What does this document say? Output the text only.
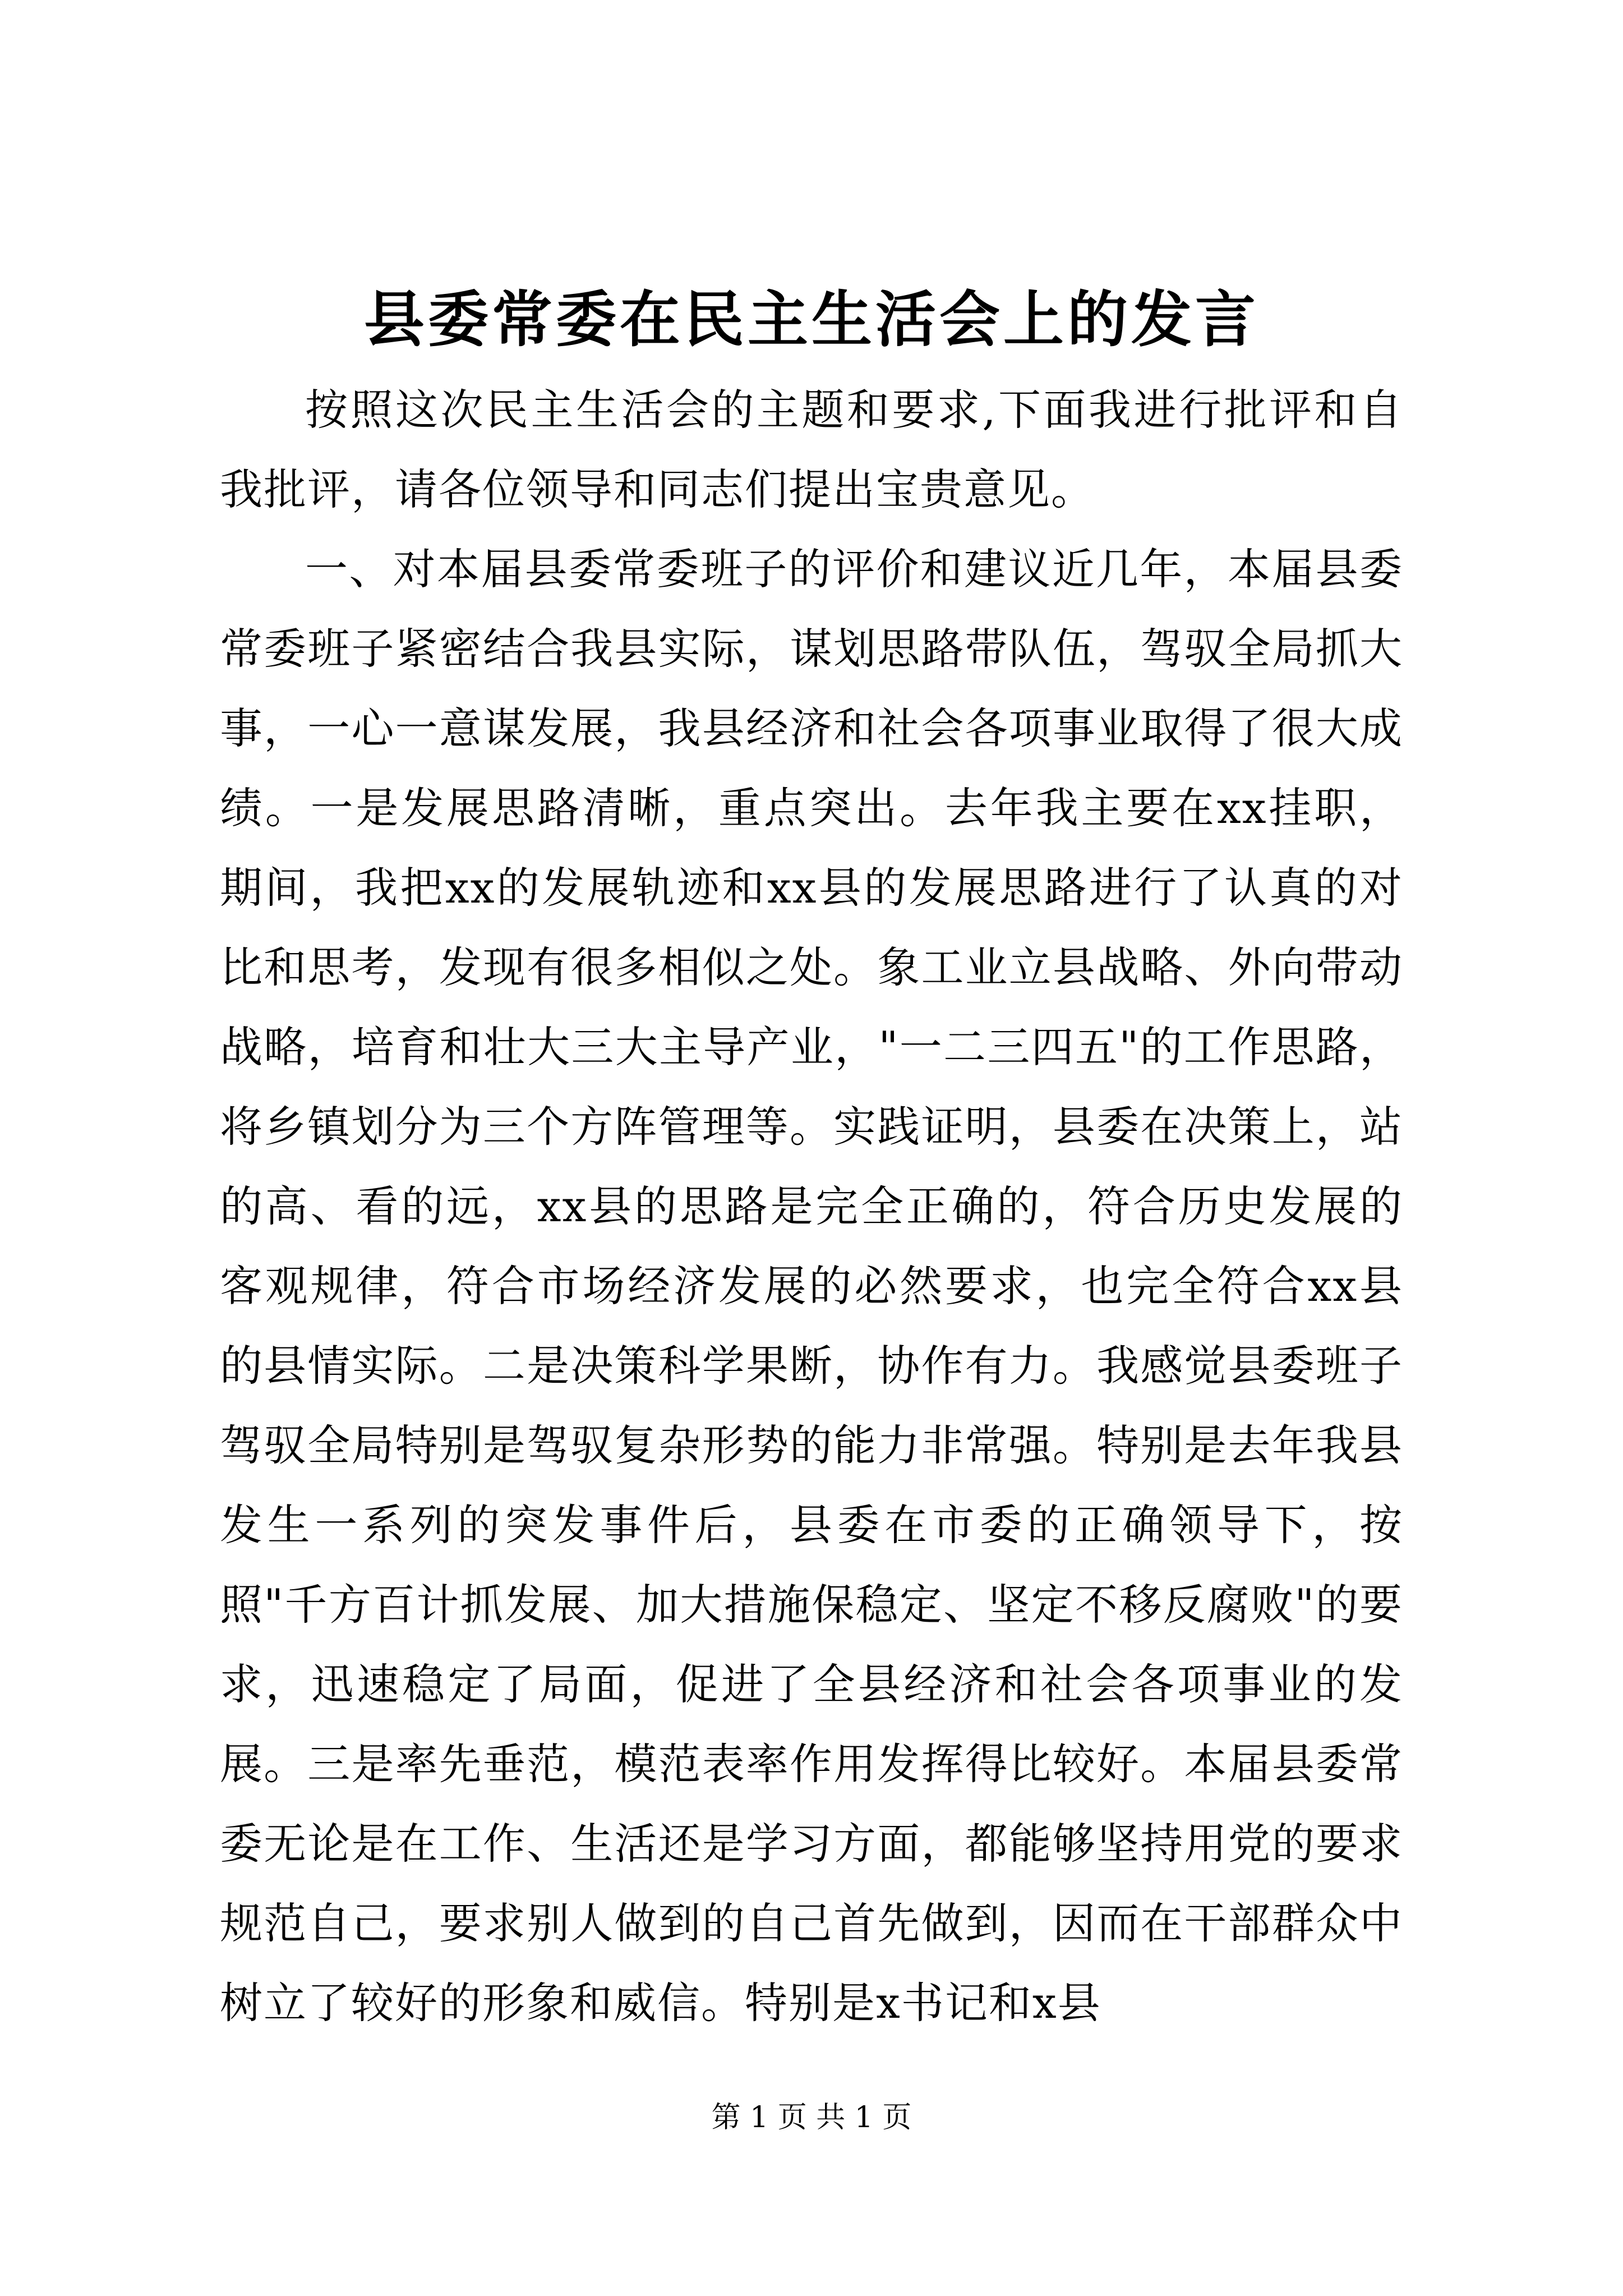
县委常委在民主生活会上的发言

按照这次民主生活会的主题和要求,下面我进行批评和自我批评，请各位领导和同志们提出宝贵意见。

一、对本届县委常委班子的评价和建议近几年，本届县委常委班子紧密结合我县实际，谋划思路带队伍，驾驭全局抓大事，一心一意谋发展，我县经济和社会各项事业取得了很大成绩。一是发展思路清晰，重点突出。去年我主要在xx挂职，期间，我把xx的发展轨迹和xx县的发展思路进行了认真的对比和思考，发现有很多相似之处。象工业立县战略、外向带动战略，培育和壮大三大主导产业，"一二三四五"的工作思路，将乡镇划分为三个方阵管理等。实践证明，县委在决策上，站的高、看的远，xx县的思路是完全正确的，符合历史发展的客观规律，符合市场经济发展的必然要求，也完全符合xx县的县情实际。二是决策科学果断，协作有力。我感觉县委班子驾驭全局特别是驾驭复杂形势的能力非常强。特别是去年我县发生一系列的突发事件后，县委在市委的正确领导下，按照"千方百计抓发展、加大措施保稳定、坚定不移反腐败"的要求，迅速稳定了局面，促进了全县经济和社会各项事业的发展。三是率先垂范，模范表率作用发挥得比较好。本届县委常委无论是在工作、生活还是学习方面，都能够坚持用党的要求规范自己，要求别人做到的自己首先做到，因而在干部群众中树立了较好的形象和威信。特别是x书记和x县

第 1 页 共 1 页
